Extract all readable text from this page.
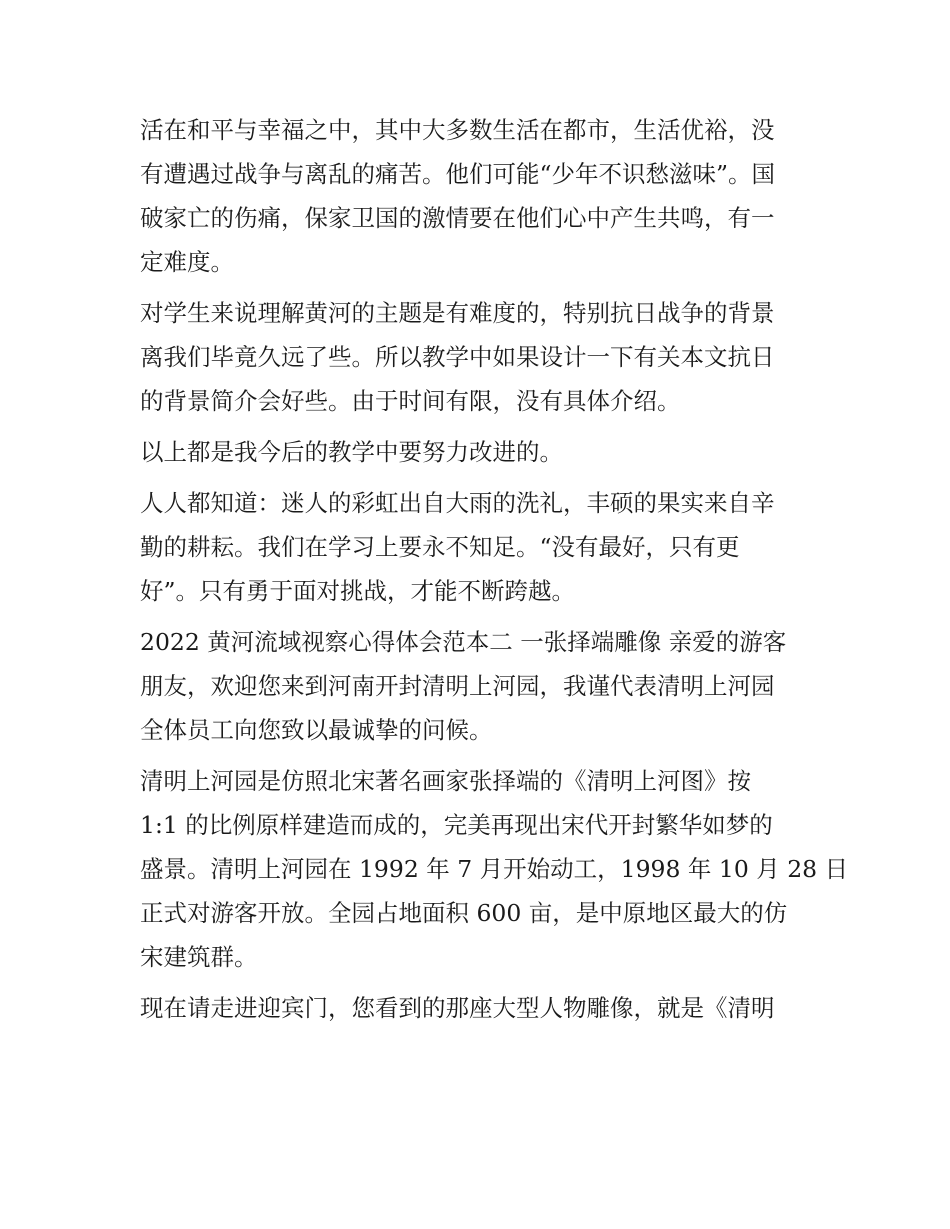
活在和平与幸福之中，其中大多数生活在都市，生活优裕，没

有遭遇过战争与离乱的痛苦。他们可能“少年不识愁滋味”。国

破家亡的伤痛，保家卫国的激情要在他们心中产生共鸣，有一

定难度。

对学生来说理解黄河的主题是有难度的，特别抗日战争的背景

离我们毕竟久远了些。所以教学中如果设计一下有关本文抗日

的背景简介会好些。由于时间有限，没有具体介绍。

以上都是我今后的教学中要努力改进的。

人人都知道：迷人的彩虹出自大雨的洗礼，丰硕的果实来自辛

勤的耕耘。我们在学习上要永不知足。“没有最好，只有更

好”。只有勇于面对挑战，才能不断跨越。

2022 黄河流域视察心得体会范本二 一张择端雕像 亲爱的游客

朋友，欢迎您来到河南开封清明上河园，我谨代表清明上河园

全体员工向您致以最诚挚的问候。

清明上河园是仿照北宋著名画家张择端的《清明上河图》按

1:1 的比例原样建造而成的，完美再现出宋代开封繁华如梦的

盛景。清明上河园在 1992 年 7 月开始动工，1998 年 10 月 28 日

正式对游客开放。全园占地面积 600 亩，是中原地区最大的仿

宋建筑群。

现在请走进迎宾门，您看到的那座大型人物雕像，就是《清明
